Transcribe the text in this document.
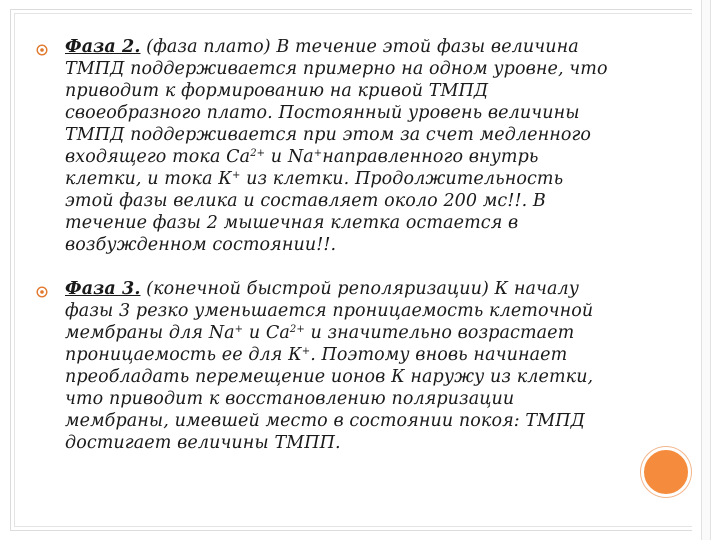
Фаза 2. (фаза плато) В течение этой фазы величина
ТМПД поддерживается примерно на одном уровне, что
приводит к формированию на кривой ТМПД
своеобразного плато. Постоянный уровень величины
ТМПД поддерживается при этом за счет медленного
входящего тока $Ca^{2+}$ и Na+направленного внутрь
клетки, и тока К+ из клетки. Продолжительность
этой фазы велика и составляет около 200 мс!!. В
течение фазы 2 мышечная клетка остается в
возбужденном состоянии!!.
Фаза 3. (конечной быстрой реполяризации) К началу
фазы 3 резко уменьшается проницаемость клеточной
мембраны для Na+ и $Ca^{2+}$ и значительно возрастает
проницаемость ее для К+. Поэтому вновь начинает
преобладать перемещение ионов К наружу из клетки,
что приводит к восстановлению поляризации
мембраны, имевшей место в состоянии покоя: ТМПД
достигает величины ТМПП.
